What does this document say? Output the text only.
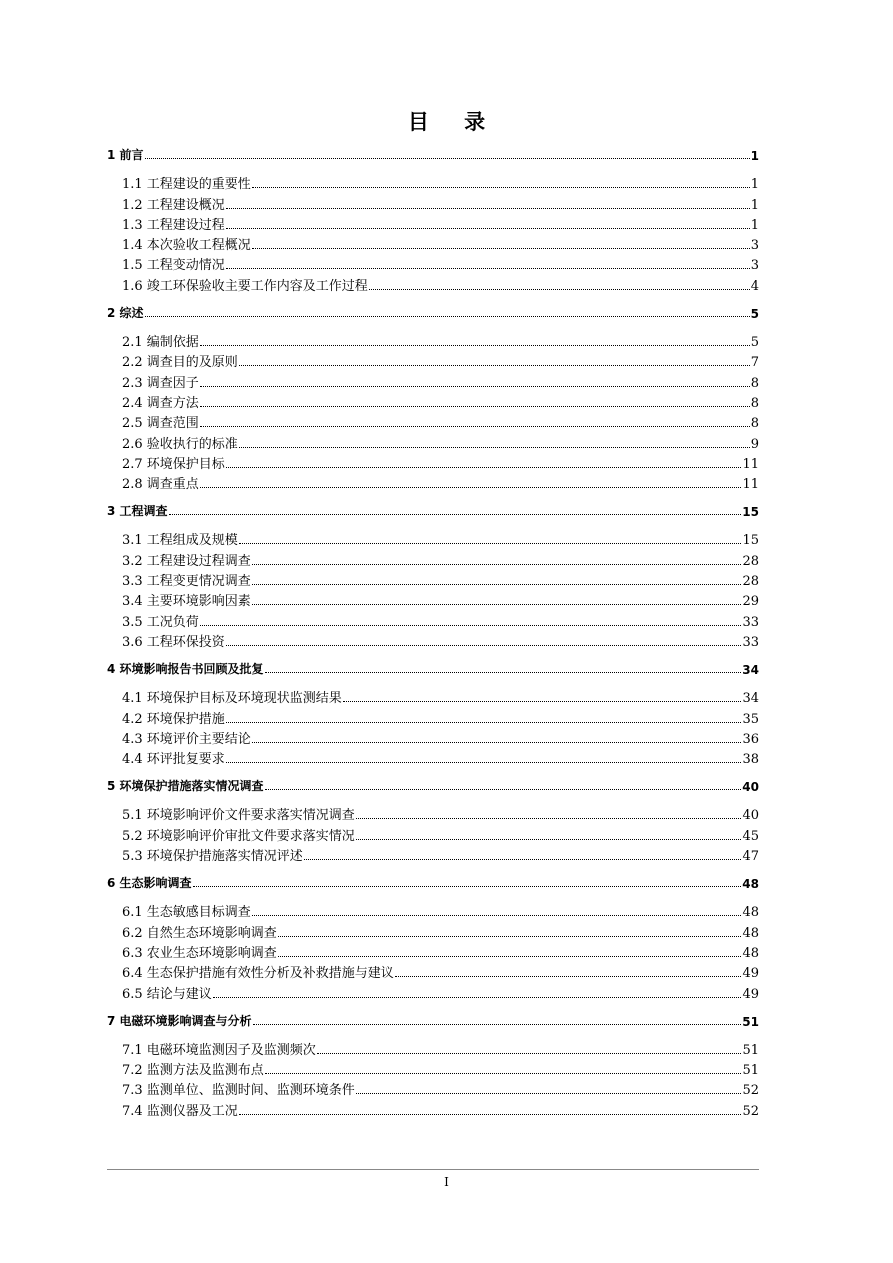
目 录
1 前言	1
1.1 工程建设的重要性	1
1.2 工程建设概况	1
1.3 工程建设过程	1
1.4 本次验收工程概况	3
1.5 工程变动情况	3
1.6 竣工环保验收主要工作内容及工作过程	4
2 综述	5
2.1 编制依据	5
2.2 调查目的及原则	7
2.3 调查因子	8
2.4 调查方法	8
2.5 调查范围	8
2.6 验收执行的标准	9
2.7 环境保护目标	11
2.8 调查重点	11
3 工程调查	15
3.1 工程组成及规模	15
3.2 工程建设过程调查	28
3.3 工程变更情况调查	28
3.4 主要环境影响因素	29
3.5 工况负荷	33
3.6 工程环保投资	33
4 环境影响报告书回顾及批复	34
4.1 环境保护目标及环境现状监测结果	34
4.2 环境保护措施	35
4.3 环境评价主要结论	36
4.4 环评批复要求	38
5 环境保护措施落实情况调查	40
5.1 环境影响评价文件要求落实情况调查	40
5.2 环境影响评价审批文件要求落实情况	45
5.3 环境保护措施落实情况评述	47
6 生态影响调查	48
6.1 生态敏感目标调查	48
6.2 自然生态环境影响调查	48
6.3 农业生态环境影响调查	48
6.4 生态保护措施有效性分析及补救措施与建议	49
6.5 结论与建议	49
7 电磁环境影响调查与分析	51
7.1 电磁环境监测因子及监测频次	51
7.2 监测方法及监测布点	51
7.3 监测单位、监测时间、监测环境条件	52
7.4 监测仪器及工况	52
I
